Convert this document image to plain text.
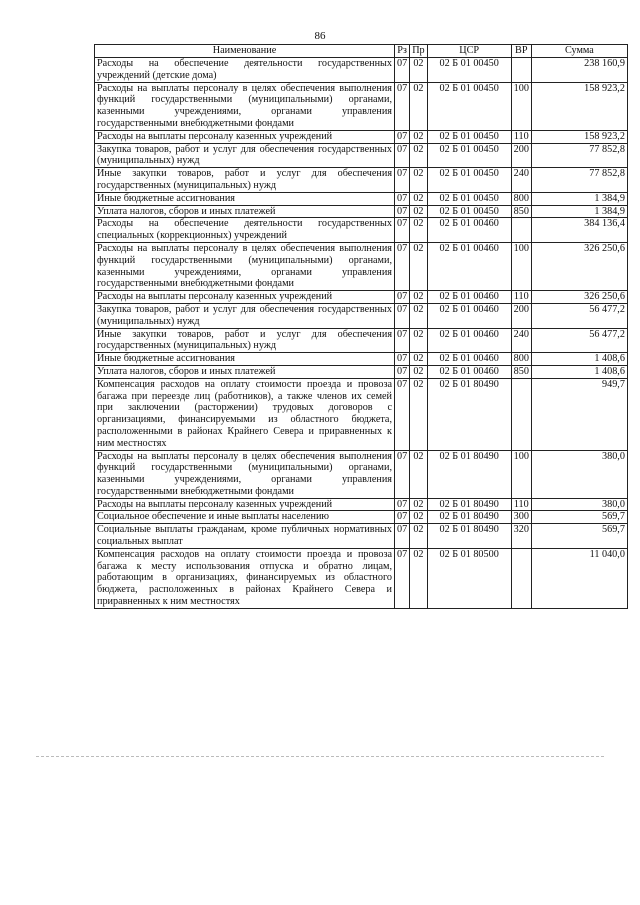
86
Наименование	Рз	Пр	ЦСР	ВР	Сумма
Расходы на обеспечение деятельности государственных учреждений (детские дома)	07	02	02 Б 01 00450		238 160,9
Расходы на выплаты персоналу в целях обеспечения выполнения функций государственными (муниципальными) органами, казенными учреждениями, органами управления государственными внебюджетными фондами	07	02	02 Б 01 00450	100	158 923,2
Расходы на выплаты персоналу казенных учреждений	07	02	02 Б 01 00450	110	158 923,2
Закупка товаров, работ и услуг для обеспечения государственных (муниципальных) нужд	07	02	02 Б 01 00450	200	77 852,8
Иные закупки товаров, работ и услуг для обеспечения государственных (муниципальных) нужд	07	02	02 Б 01 00450	240	77 852,8
Иные бюджетные ассигнования	07	02	02 Б 01 00450	800	1 384,9
Уплата налогов, сборов и иных платежей	07	02	02 Б 01 00450	850	1 384,9
Расходы на обеспечение деятельности государственных специальных (коррекционных) учреждений	07	02	02 Б 01 00460		384 136,4
Расходы на выплаты персоналу в целях обеспечения выполнения функций государственными (муниципальными) органами, казенными учреждениями, органами управления государственными внебюджетными фондами	07	02	02 Б 01 00460	100	326 250,6
Расходы на выплаты персоналу казенных учреждений	07	02	02 Б 01 00460	110	326 250,6
Закупка товаров, работ и услуг для обеспечения государственных (муниципальных) нужд	07	02	02 Б 01 00460	200	56 477,2
Иные закупки товаров, работ и услуг для обеспечения государственных (муниципальных) нужд	07	02	02 Б 01 00460	240	56 477,2
Иные бюджетные ассигнования	07	02	02 Б 01 00460	800	1 408,6
Уплата налогов, сборов и иных платежей	07	02	02 Б 01 00460	850	1 408,6
Компенсация расходов на оплату стоимости проезда и провоза багажа при переезде лиц (работников), а также членов их семей при заключении (расторжении) трудовых договоров с организациями, финансируемыми из областного бюджета, расположенными в районах Крайнего Севера и приравненных к ним местностях	07	02	02 Б 01 80490		949,7
Расходы на выплаты персоналу в целях обеспечения выполнения функций государственными (муниципальными) органами, казенными учреждениями, органами управления государственными внебюджетными фондами	07	02	02 Б 01 80490	100	380,0
Расходы на выплаты персоналу казенных учреждений	07	02	02 Б 01 80490	110	380,0
Социальное обеспечение и иные выплаты населению	07	02	02 Б 01 80490	300	569,7
Социальные выплаты гражданам, кроме публичных нормативных социальных выплат	07	02	02 Б 01 80490	320	569,7
Компенсация расходов на оплату стоимости проезда и провоза багажа к месту использования отпуска и обратно лицам, работающим в организациях, финансируемых из областного бюджета, расположенных в районах Крайнего Севера и приравненных к ним местностях	07	02	02 Б 01 80500		11 040,0
